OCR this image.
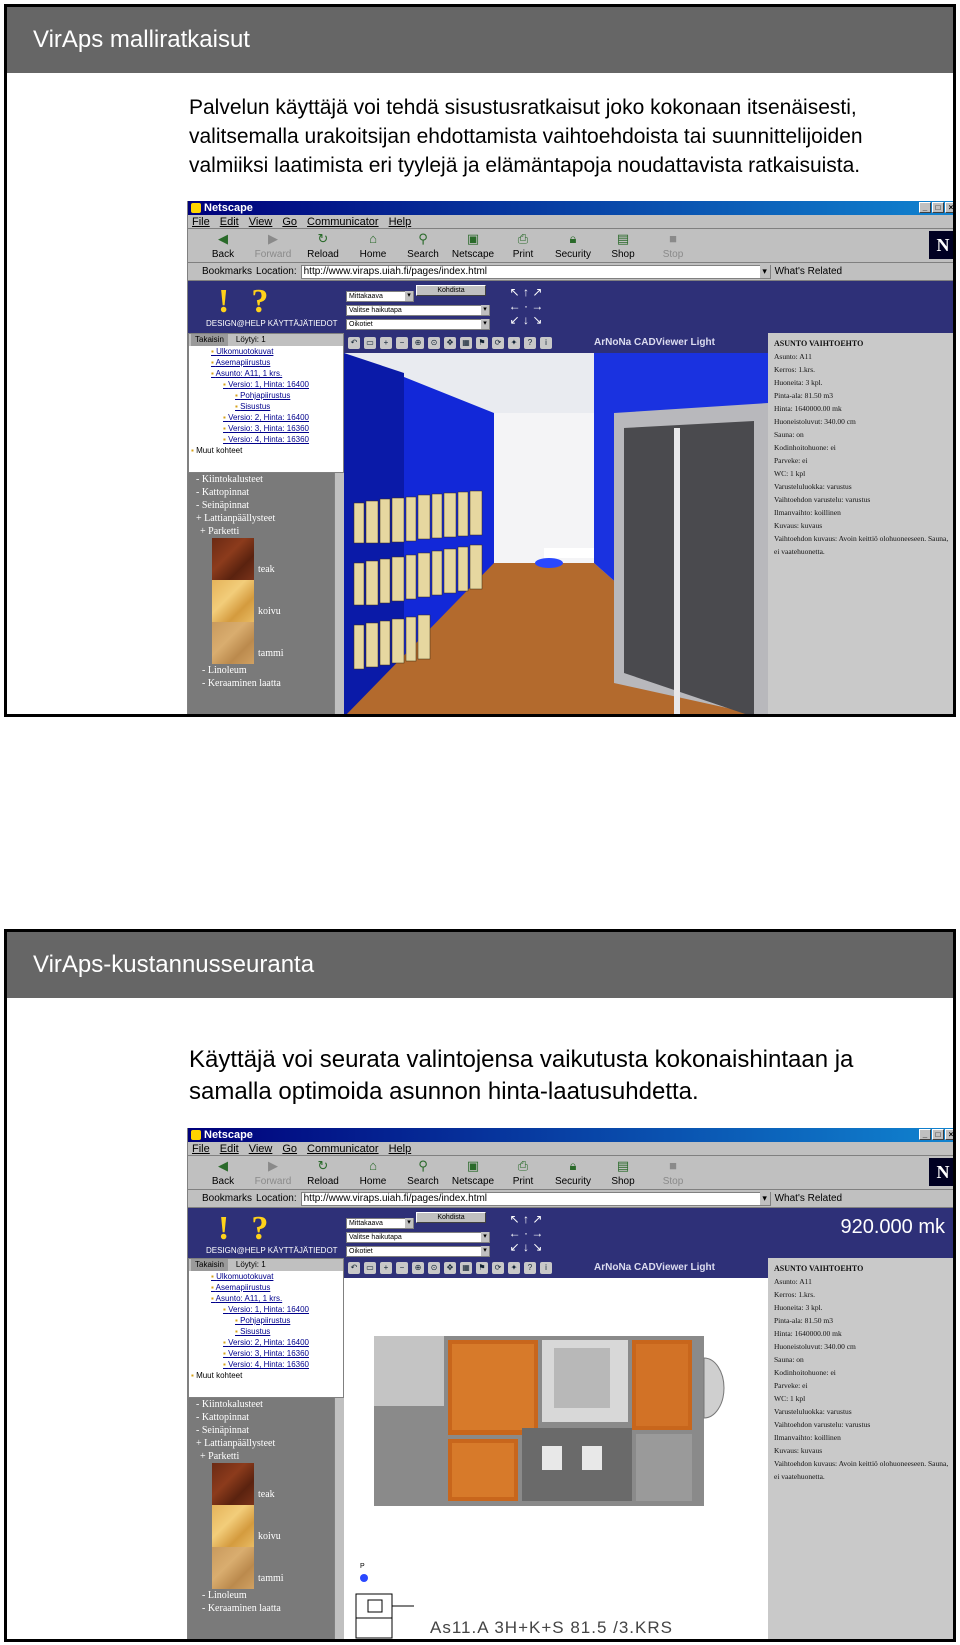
VirAps malliratkaisut
Palvelun käyttäjä voi tehdä sisustusratkaisut joko kokonaan itsenäisesti,
valitsemalla urakoitsijan ehdottamista vaihtoehdoista tai suunnittelijoiden
valmiiksi laatimista eri tyylejä ja elämäntapoja noudattavista ratkaisuista.
Netscape	_	□	×
File Edit View Go Communicator Help
◀
Back
▶
Forward
↻
Reload
⌂
Home
⚲
Search
▣
Netscape
⎙
Print
🔒︎
Security
▤
Shop
■
Stop	N
Bookmarks Location: http://www.viraps.uiah.fi/pages/index.html ▾	What's Related
!?
DESIGN@HELP KÄYTTÄJÄTIEDOT
Mittakaava ▾Kohdista
Valitse haikutapa ▾
Oikotiet ▾
↖ ↑ ↗
← · →
↙ ↓ ↘
Takaisin	Löytyi: 1
▪ Ulkomuotokuvat
▪ Asemapiirustus
▪ Asunto: A11, 1 krs.
▪ Versio: 1, Hinta: 16400
▪ Pohjapiirustus
▪ Sisustus
▪ Versio: 2, Hinta: 16400
▪ Versio: 3, Hinta: 16360
▪ Versio: 4, Hinta: 16360
▪ Muut kohteet
- Kiintokalusteet
- Kattopinnat
- Seinäpinnat
+ Lattianpäällysteet
+ Parketti
teak
koivu
tammi
- Linoleum
- Keraaminen laatta
↶	▭	+	−	⊕	⊙	✥	▦	⚑	⟳	✦	?	i	ArNoNa CADViewer Light	ASUNTO VAIHTOEHTO
Asunto: A11
Kerros: 1.krs.
Huoneita: 3 kpl.
Pinta-ala: 81.50 m3
Hinta: 1640000.00 mk
Huoneistoluvut: 340.00 cm
Sauna: on
Kodinhoitohuone: ei
Parveke: ei
WC: 1 kpl
Varusteluluokka: varustus
Vaihtoehdon varustelu: varustus
Ilmanvaihto: koillinen
Kuvaus: kuvaus
Vaihtoehdon kuvaus: Avoin keittiö olohuoneeseen. Sauna, ei vaatehuonetta.
VirAps-kustannusseuranta
Käyttäjä voi seurata valintojensa vaikutusta kokonaishintaan ja
samalla optimoida asunnon hinta-laatusuhdetta.
Netscape	_	□	×
File Edit View Go Communicator Help
◀
Back
▶
Forward
↻
Reload
⌂
Home
⚲
Search
▣
Netscape
⎙
Print
🔒︎
Security
▤
Shop
■
Stop	N
Bookmarks Location: http://www.viraps.uiah.fi/pages/index.html ▾	What's Related
!?
DESIGN@HELP KÄYTTÄJÄTIEDOT
Mittakaava ▾Kohdista
Valitse haikutapa ▾
Oikotiet ▾
↖ ↑ ↗
← · →
↙ ↓ ↘
920.000 mk
Takaisin	Löytyi: 1
▪ Ulkomuotokuvat
▪ Asemapiirustus
▪ Asunto: A11, 1 krs.
▪ Versio: 1, Hinta: 16400
▪ Pohjapiirustus
▪ Sisustus
▪ Versio: 2, Hinta: 16400
▪ Versio: 3, Hinta: 16360
▪ Versio: 4, Hinta: 16360
▪ Muut kohteet
- Kiintokalusteet
- Kattopinnat
- Seinäpinnat
+ Lattianpäällysteet
+ Parketti
teak
koivu
tammi
- Linoleum
- Keraaminen laatta
↶	▭	+	−	⊕	⊙	✥	▦	⚑	⟳	✦	?	i	ArNoNa CADViewer Light
P
As11.A 3H+K+S 81.5 /3.KRS
ASUNTO VAIHTOEHTO
Asunto: A11
Kerros: 1.krs.
Huoneita: 3 kpl.
Pinta-ala: 81.50 m3
Hinta: 1640000.00 mk
Huoneistoluvut: 340.00 cm
Sauna: on
Kodinhoitohuone: ei
Parveke: ei
WC: 1 kpl
Varusteluluokka: varustus
Vaihtoehdon varustelu: varustus
Ilmanvaihto: koillinen
Kuvaus: kuvaus
Vaihtoehdon kuvaus: Avoin keittiö olohuoneeseen. Sauna, ei vaatehuonetta.
